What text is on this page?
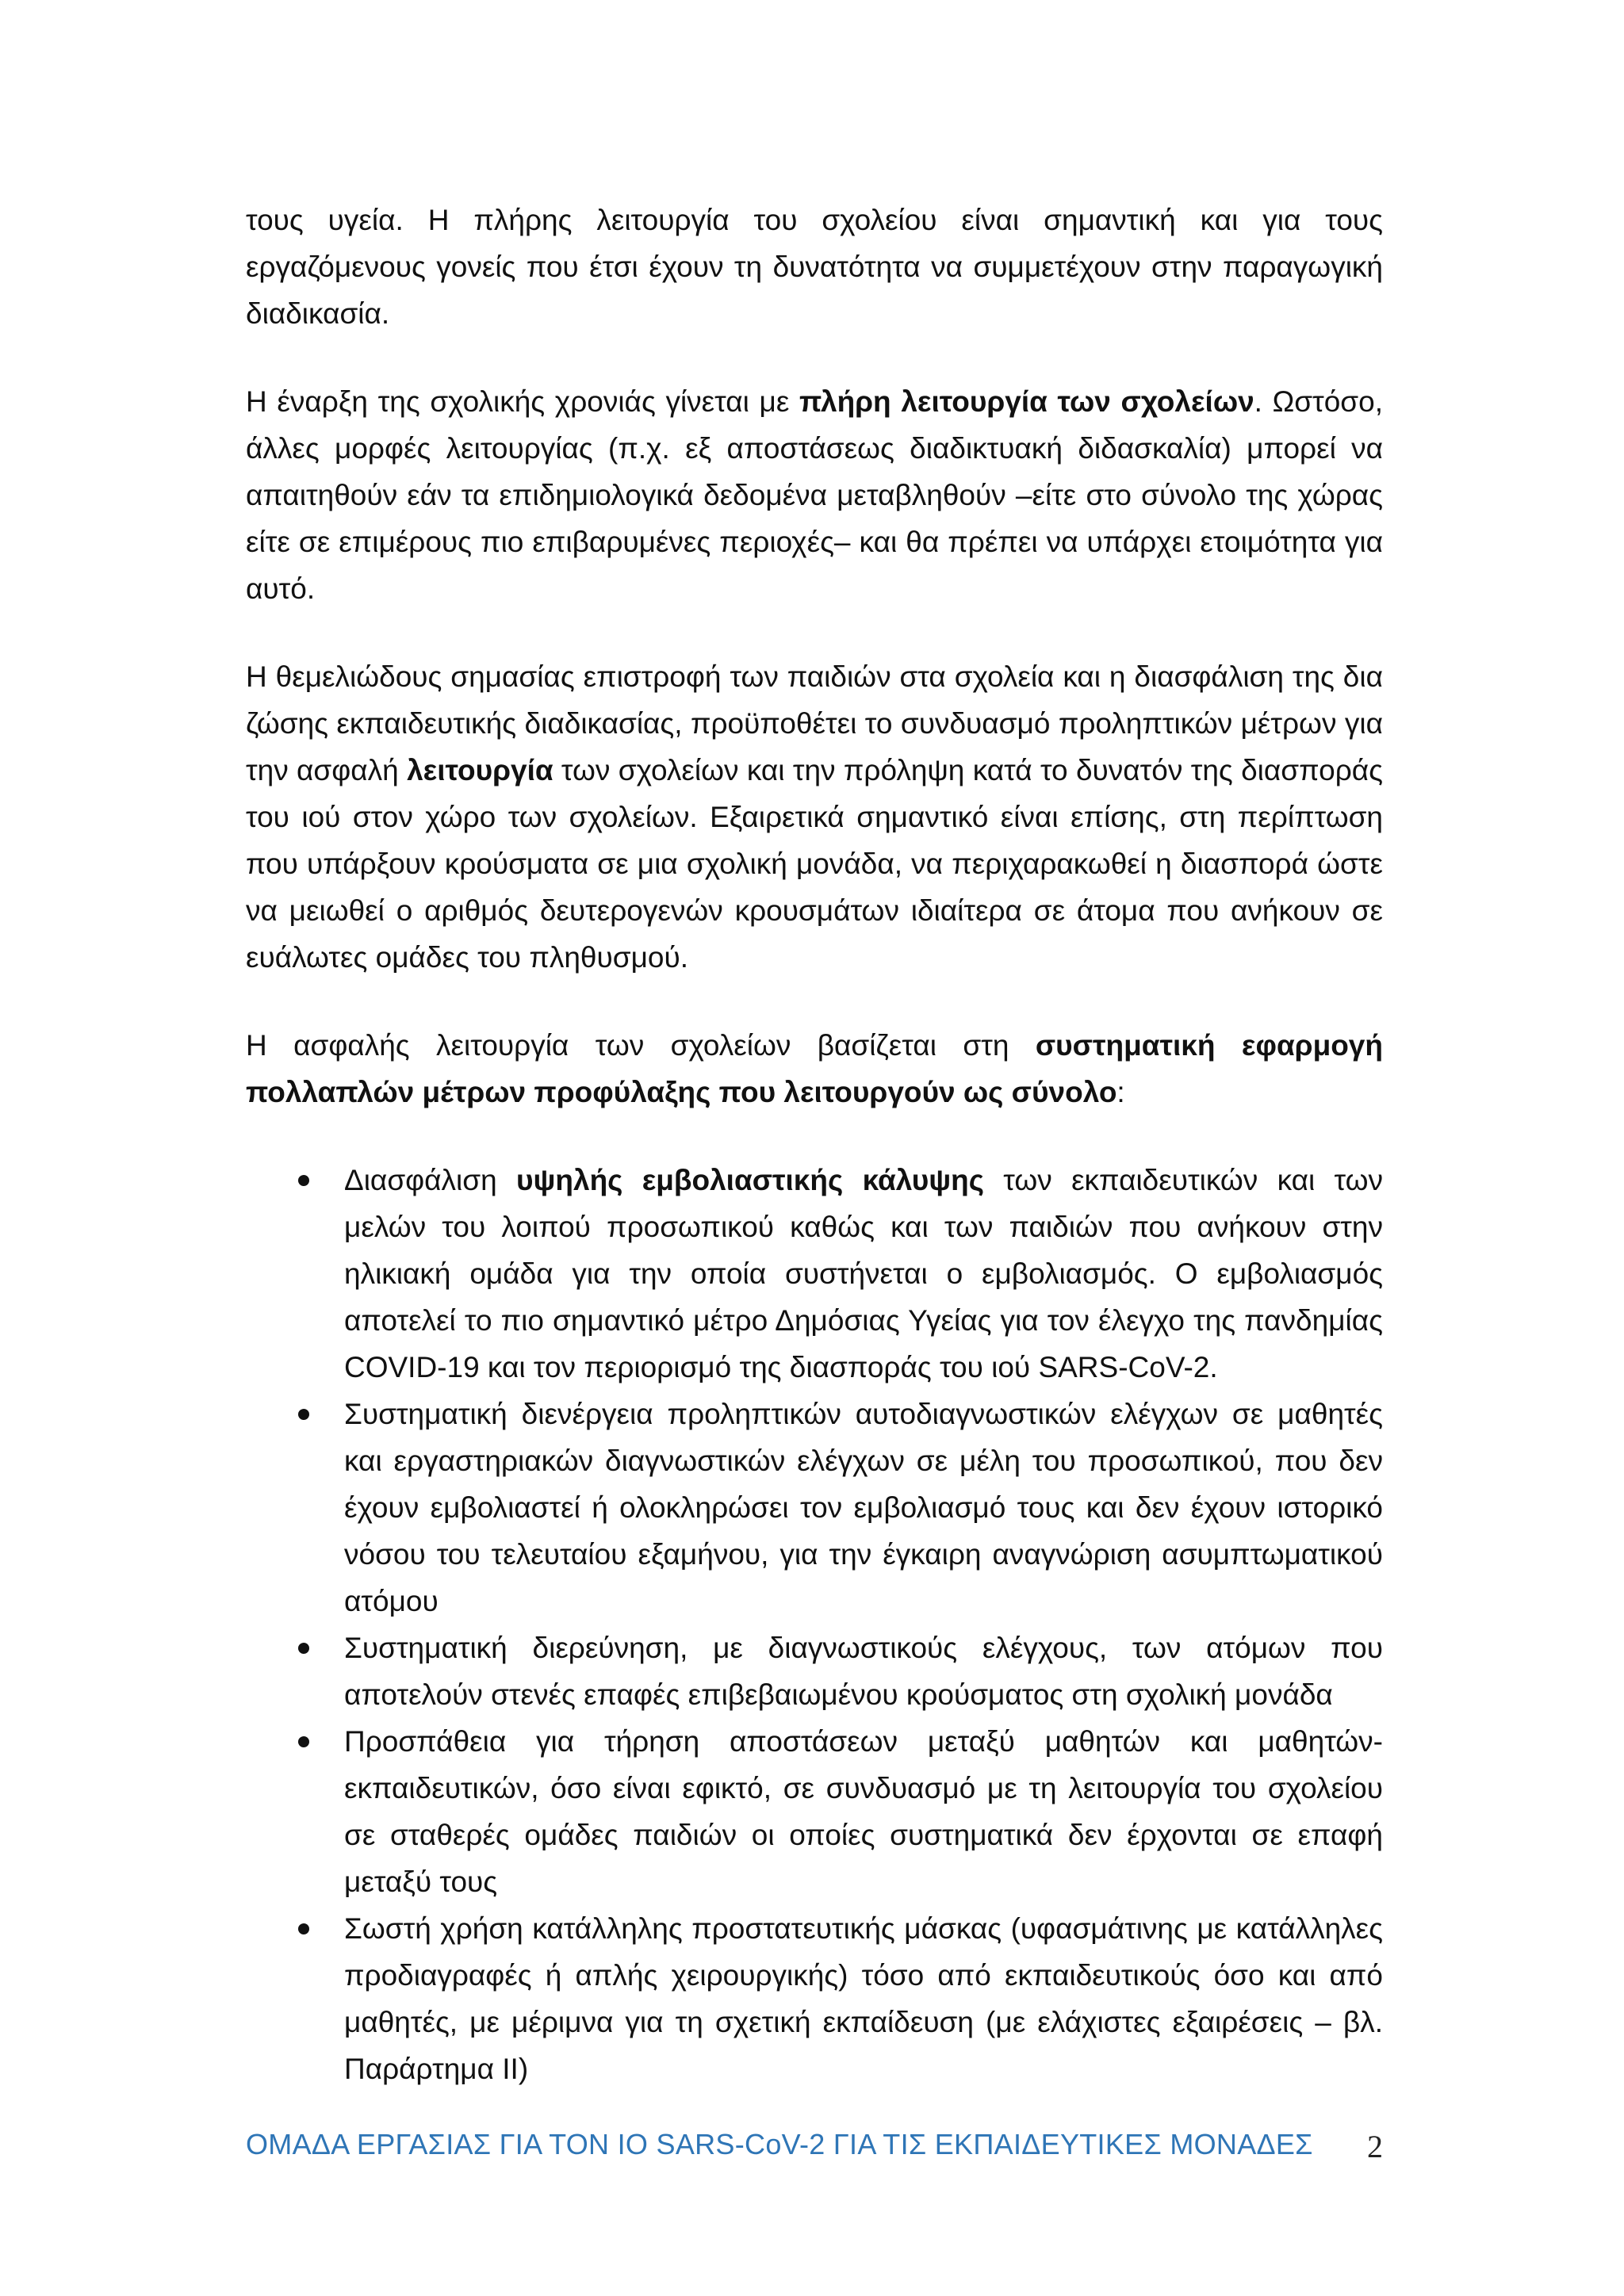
τους υγεία. Η πλήρης λειτουργία του σχολείου είναι σημαντική και για τους εργαζόμενους γονείς που έτσι έχουν τη δυνατότητα να συμμετέχουν στην παραγωγική διαδικασία.

Η έναρξη της σχολικής χρονιάς γίνεται με πλήρη λειτουργία των σχολείων. Ωστόσο, άλλες μορφές λειτουργίας (π.χ. εξ αποστάσεως διαδικτυακή διδασκαλία) μπορεί να απαιτηθούν εάν τα επιδημιολογικά δεδομένα μεταβληθούν –είτε στο σύνολο της χώρας είτε σε επιμέρους πιο επιβαρυμένες περιοχές– και θα πρέπει να υπάρχει ετοιμότητα για αυτό.

Η θεμελιώδους σημασίας επιστροφή των παιδιών στα σχολεία και η διασφάλιση της δια ζώσης εκπαιδευτικής διαδικασίας, προϋποθέτει το συνδυασμό προληπτικών μέτρων για την ασφαλή λειτουργία των σχολείων και την πρόληψη κατά το δυνατόν της διασποράς του ιού στον χώρο των σχολείων. Εξαιρετικά σημαντικό είναι επίσης, στη περίπτωση που υπάρξουν κρούσματα σε μια σχολική μονάδα, να περιχαρακωθεί η διασπορά ώστε να μειωθεί ο αριθμός δευτερογενών κρουσμάτων ιδιαίτερα σε άτομα που ανήκουν σε ευάλωτες ομάδες του πληθυσμού.

Η ασφαλής λειτουργία των σχολείων βασίζεται στη συστηματική εφαρμογή πολλαπλών μέτρων προφύλαξης που λειτουργούν ως σύνολο:

Διασφάλιση υψηλής εμβολιαστικής κάλυψης των εκπαιδευτικών και των μελών του λοιπού προσωπικού καθώς και των παιδιών που ανήκουν στην ηλικιακή ομάδα για την οποία συστήνεται ο εμβολιασμός. Ο εμβολιασμός αποτελεί το πιο σημαντικό μέτρο Δημόσιας Υγείας για τον έλεγχο της πανδημίας COVID-19 και τον περιορισμό της διασποράς του ιού SARS-CoV-2.
Συστηματική διενέργεια προληπτικών αυτοδιαγνωστικών ελέγχων σε μαθητές και εργαστηριακών διαγνωστικών ελέγχων σε μέλη του προσωπικού, που δεν έχουν εμβολιαστεί ή ολοκληρώσει τον εμβολιασμό τους και δεν έχουν ιστορικό νόσου του τελευταίου εξαμήνου, για την έγκαιρη αναγνώριση ασυμπτωματικού ατόμου
Συστηματική διερεύνηση, με διαγνωστικούς ελέγχους, των ατόμων που αποτελούν στενές επαφές επιβεβαιωμένου κρούσματος στη σχολική μονάδα
Προσπάθεια για τήρηση αποστάσεων μεταξύ μαθητών και μαθητών-εκπαιδευτικών, όσο είναι εφικτό, σε συνδυασμό με τη λειτουργία του σχολείου σε σταθερές ομάδες παιδιών οι οποίες συστηματικά δεν έρχονται σε επαφή μεταξύ τους
Σωστή χρήση κατάλληλης προστατευτικής μάσκας (υφασμάτινης με κατάλληλες προδιαγραφές ή απλής χειρουργικής) τόσο από εκπαιδευτικούς όσο και από μαθητές, με μέριμνα για τη σχετική εκπαίδευση (με ελάχιστες εξαιρέσεις – βλ. Παράρτημα ΙΙ)
ΟΜΑΔΑ ΕΡΓΑΣΙΑΣ ΓΙΑ ΤΟΝ ΙΟ SARS-CoV-2 ΓΙΑ ΤΙΣ ΕΚΠΑΙΔΕΥΤΙΚΕΣ ΜΟΝΑΔΕΣ 2
